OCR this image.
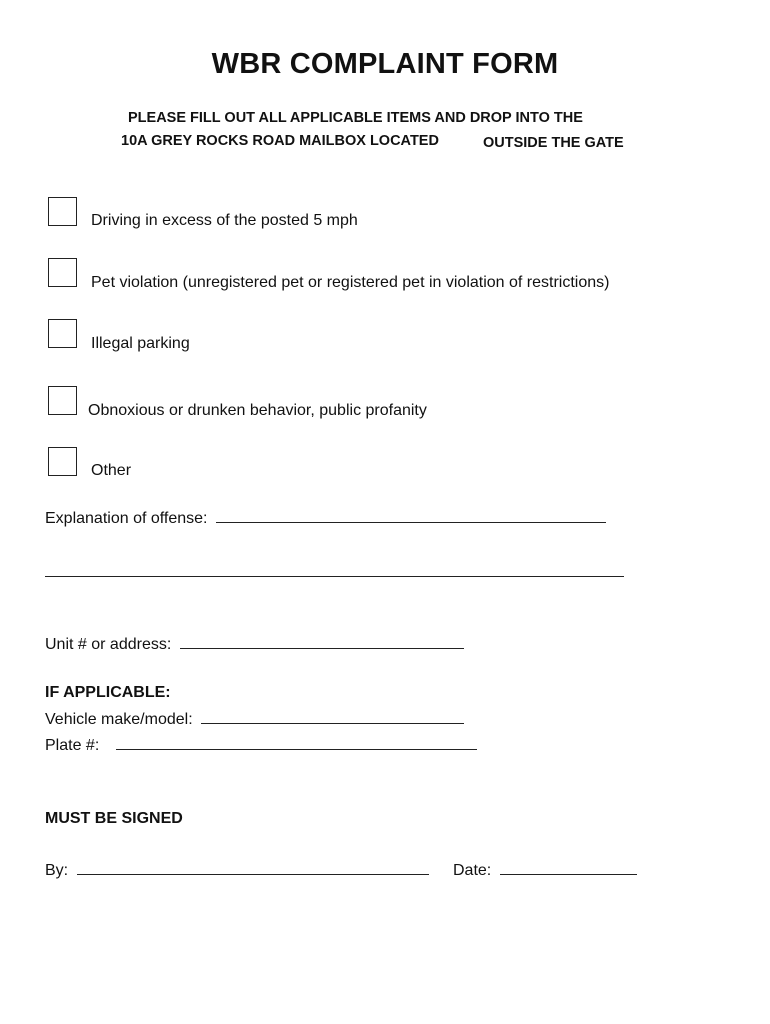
WBR COMPLAINT FORM
PLEASE FILL OUT ALL APPLICABLE ITEMS AND DROP INTO THE
10A GREY ROCKS ROAD MAILBOX LOCATED	OUTSIDE THE GATE
Driving in excess of the posted 5 mph
Pet violation (unregistered pet or registered pet in violation of restrictions)
Illegal parking
Obnoxious or drunken behavior, public profanity
Other
Explanation of offense:
Unit # or address:
IF APPLICABLE:
Vehicle make/model:
Plate #:
MUST BE SIGNED
By:	Date:
